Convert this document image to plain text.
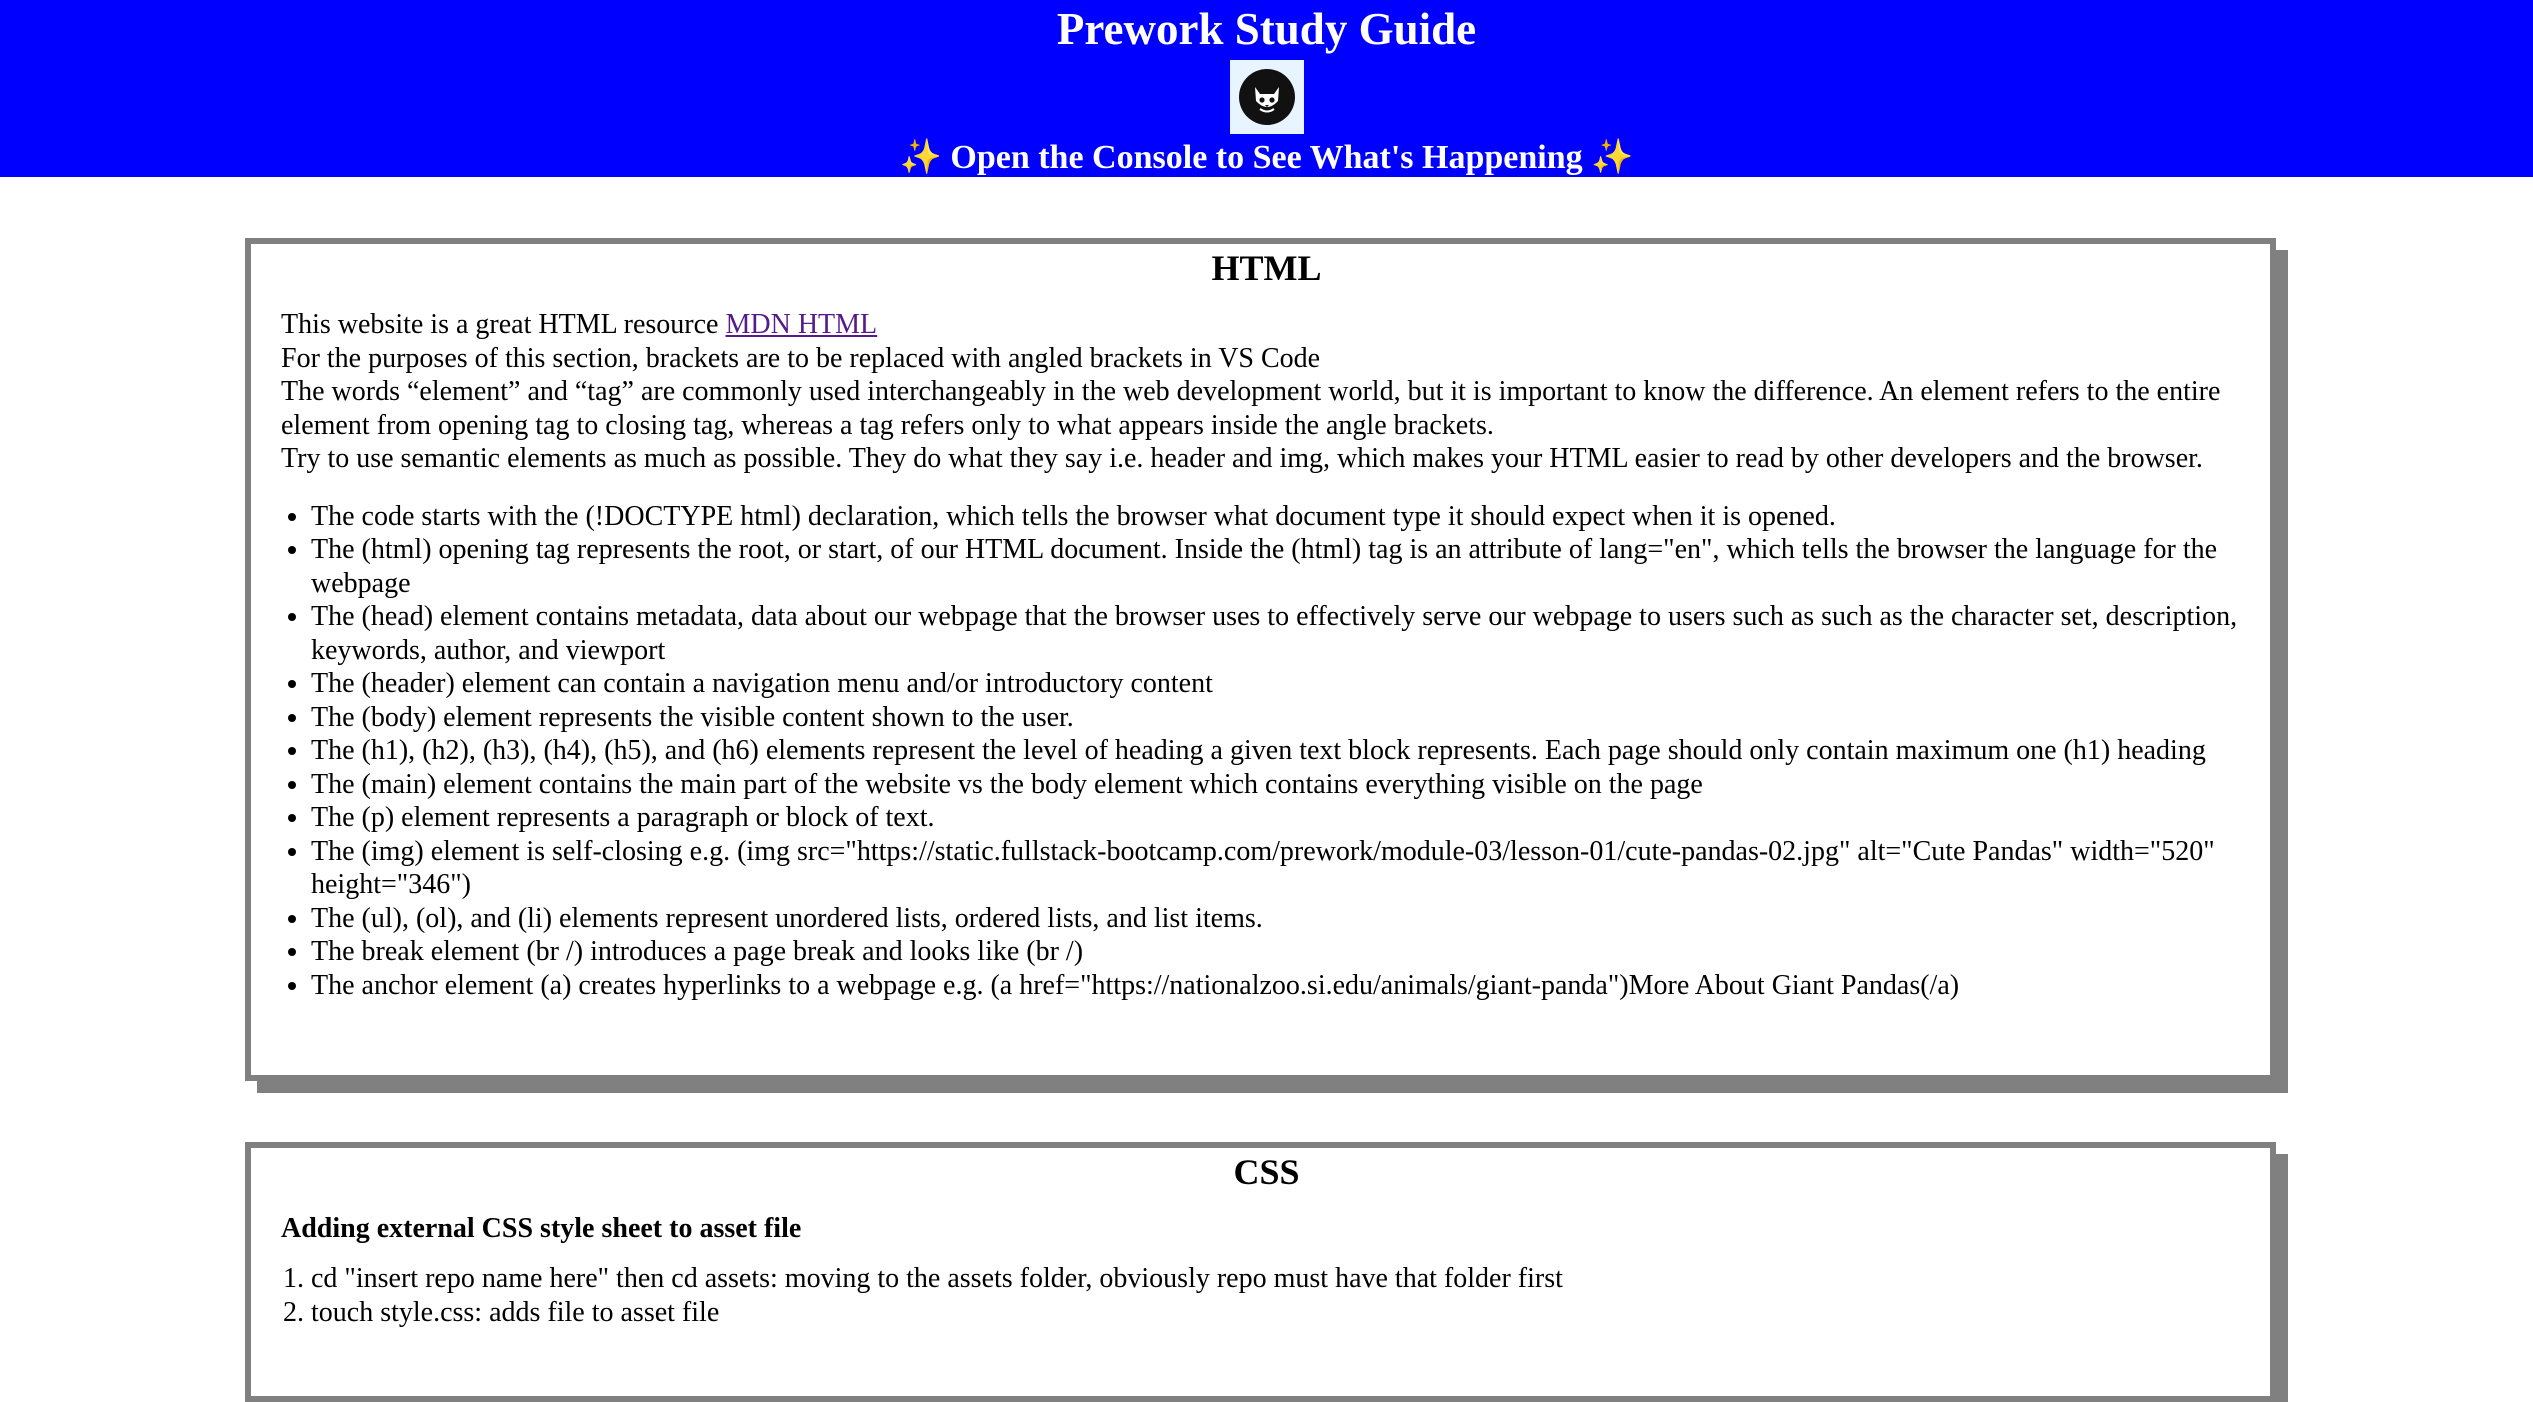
Prework Study Guide
✨ Open the Console to See What's Happening ✨
HTML

This website is a great HTML resource MDN HTML

For the purposes of this section, brackets are to be replaced with angled brackets in VS Code

The words “element” and “tag” are commonly used interchangeably in the web development world, but it is important to know the difference. An element refers to the entire element from opening tag to closing tag, whereas a tag refers only to what appears inside the angle brackets.

Try to use semantic elements as much as possible. They do what they say i.e. header and img, which makes your HTML easier to read by other developers and the browser.

• The code starts with the (!DOCTYPE html) declaration, which tells the browser what document type it should expect when it is opened.
• The (html) opening tag represents the root, or start, of our HTML document. Inside the (html) tag is an attribute of lang="en", which tells the browser the language for the webpage
• The (head) element contains metadata, data about our webpage that the browser uses to effectively serve our webpage to users such as such as the character set, description, keywords, author, and viewport
• The (header) element can contain a navigation menu and/or introductory content
• The (body) element represents the visible content shown to the user.
• The (h1), (h2), (h3), (h4), (h5), and (h6) elements represent the level of heading a given text block represents. Each page should only contain maximum one (h1) heading
• The (main) element contains the main part of the website vs the body element which contains everything visible on the page
• The (p) element represents a paragraph or block of text.
• The (img) element is self-closing e.g. (img src="https://static.fullstack-bootcamp.com/prework/module-03/lesson-01/cute-pandas-02.jpg" alt="Cute Pandas" width="520" height="346")
• The (ul), (ol), and (li) elements represent unordered lists, ordered lists, and list items.
• The break element (br /) introduces a page break and looks like (br /)
• The anchor element (a) creates hyperlinks to a webpage e.g. (a href="https://nationalzoo.si.edu/animals/giant-panda")More About Giant Pandas(/a)
CSS
Adding external CSS style sheet to asset file
1. cd "insert repo name here" then cd assets: moving to the assets folder, obviously repo must have that folder first
2. touch style.css: adds file to asset file
